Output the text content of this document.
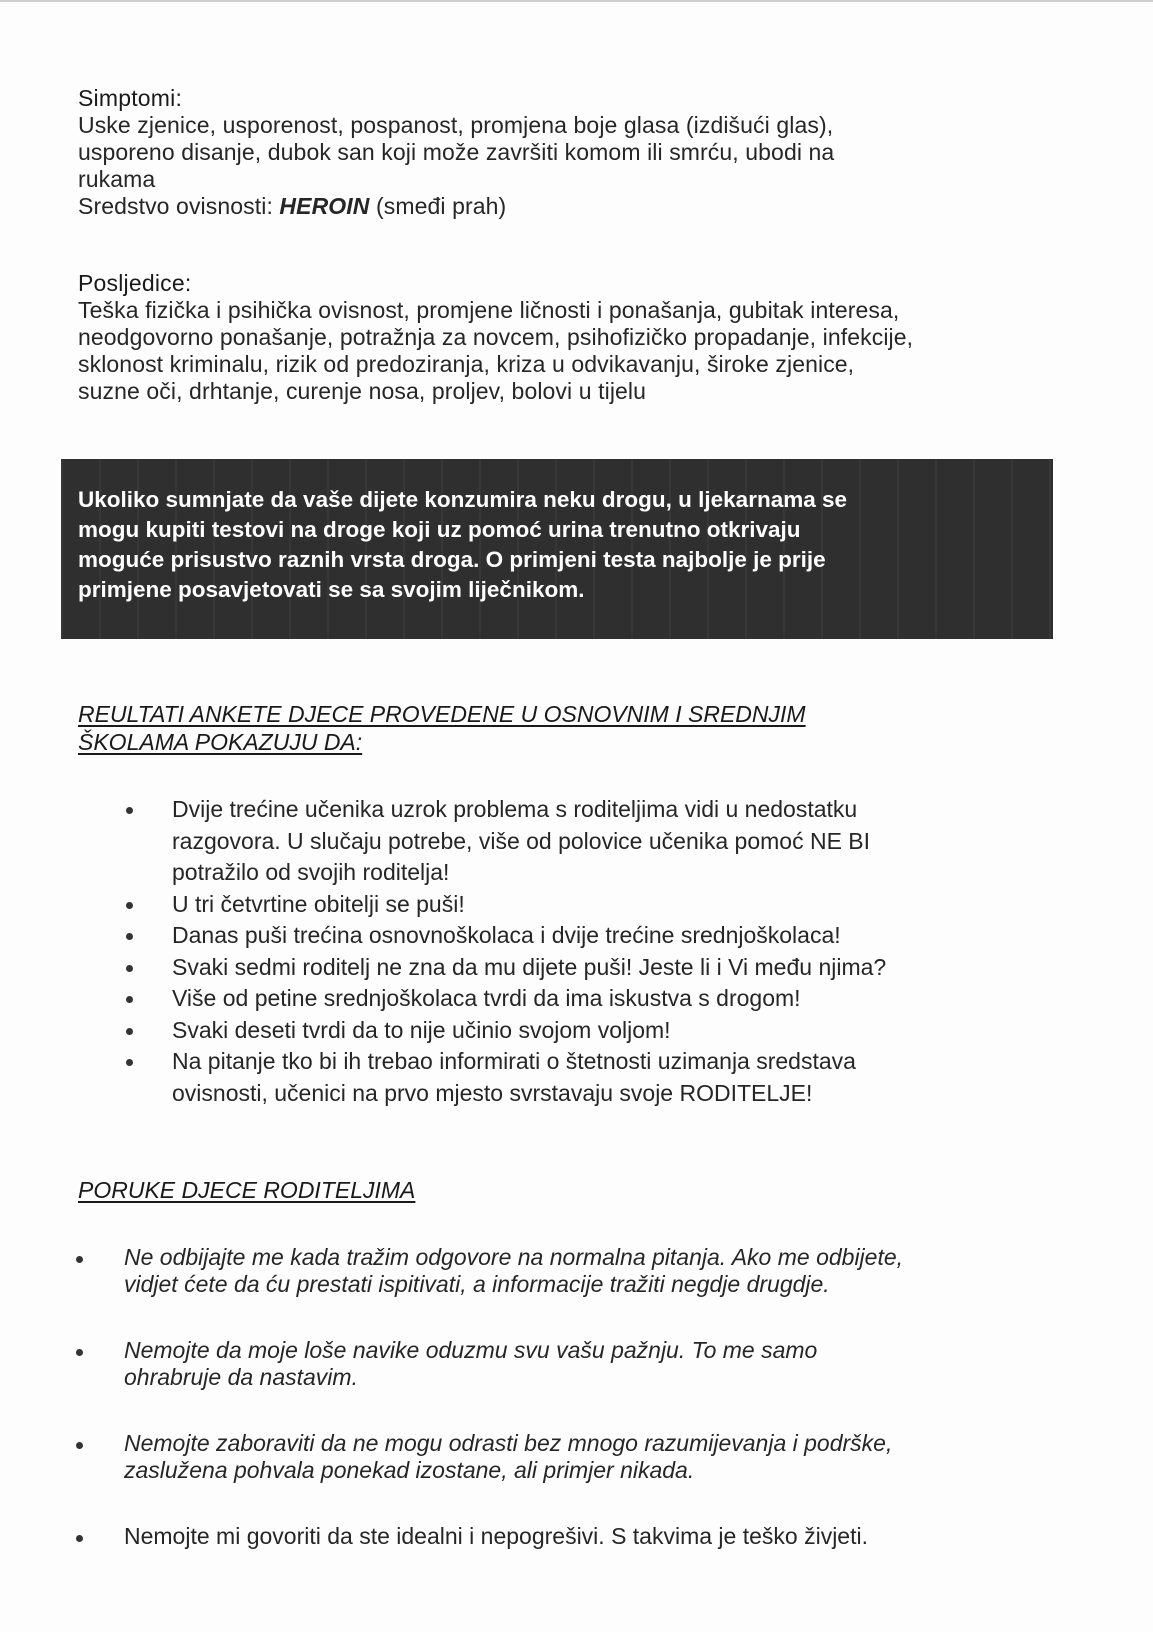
Simptomi:

Uske zjenice, usporenost, pospanost, promjena boje glasa (izdišući glas),

usporeno disanje, dubok san koji može završiti komom ili smrću, ubodi na

rukama

Sredstvo ovisnosti: HEROIN (smeđi prah)

Posljedice:

Teška fizička i psihička ovisnost, promjene ličnosti i ponašanja, gubitak interesa,

neodgovorno ponašanje, potražnja za novcem, psihofizičko propadanje, infekcije,

sklonost kriminalu, rizik od predoziranja, kriza u odvikavanju, široke zjenice,

suzne oči, drhtanje, curenje nosa, proljev, bolovi u tijelu

Ukoliko sumnjate da vaše dijete konzumira neku drogu, u ljekarnama se
mogu kupiti testovi na droge koji uz pomoć urina trenutno otkrivaju
moguće prisustvo raznih vrsta droga. O primjeni testa najbolje je prije
primjene posavjetovati se sa svojim liječnikom.
REULTATI ANKETE DJECE PROVEDENE U OSNOVNIM I SREDNJIM
ŠKOLAMA POKAZUJU DA:
Dvije trećine učenika uzrok problema s roditeljima vidi u nedostatku
razgovora. U slučaju potrebe, više od polovice učenika pomoć NE BI
potražilo od svojih roditelja!
U tri četvrtine obitelji se puši!
Danas puši trećina osnovnoškolaca i dvije trećine srednjoškolaca!
Svaki sedmi roditelj ne zna da mu dijete puši! Jeste li i Vi među njima?
Više od petine srednjoškolaca tvrdi da ima iskustva s drogom!
Svaki deseti tvrdi da to nije učinio svojom voljom!
Na pitanje tko bi ih trebao informirati o štetnosti uzimanja sredstava
ovisnosti, učenici na prvo mjesto svrstavaju svoje RODITELJE!
PORUKE DJECE RODITELJIMA
Ne odbijajte me kada tražim odgovore na normalna pitanja. Ako me odbijete,
vidjet ćete da ću prestati ispitivati, a informacije tražiti negdje drugdje.
Nemojte da moje loše navike oduzmu svu vašu pažnju. To me samo
ohrabruje da nastavim.
Nemojte zaboraviti da ne mogu odrasti bez mnogo razumijevanja i podrške,
zaslužena pohvala ponekad izostane, ali primjer nikada.
Nemojte mi govoriti da ste idealni i nepogrešivi. S takvima je teško živjeti.
